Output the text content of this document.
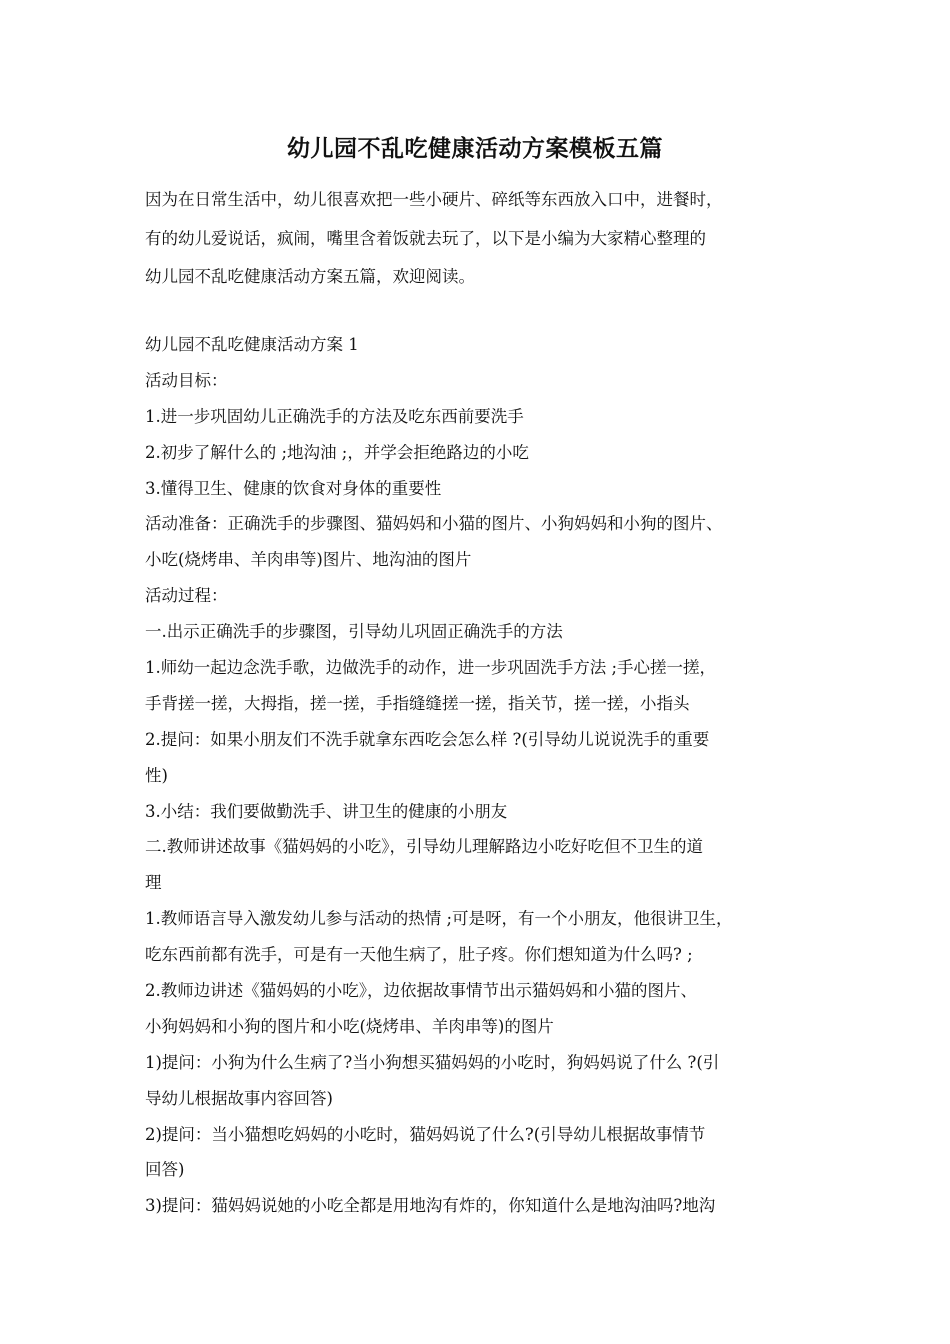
幼儿园不乱吃健康活动方案模板五篇
因为在日常生活中，幼儿很喜欢把一些小硬片、碎纸等东西放入口中，进餐时，
有的幼儿爱说话，疯闹，嘴里含着饭就去玩了，以下是小编为大家精心整理的
幼儿园不乱吃健康活动方案五篇，欢迎阅读。
幼儿园不乱吃健康活动方案 1
活动目标：
1.进一步巩固幼儿正确洗手的方法及吃东西前要洗手
2.初步了解什么的 ;地沟油 ;，并学会拒绝路边的小吃
3.懂得卫生、健康的饮食对身体的重要性
活动准备：正确洗手的步骤图、猫妈妈和小猫的图片、小狗妈妈和小狗的图片、
小吃(烧烤串、羊肉串等)图片、地沟油的图片
活动过程：
一.出示正确洗手的步骤图，引导幼儿巩固正确洗手的方法
1.师幼一起边念洗手歌，边做洗手的动作，进一步巩固洗手方法 ;手心搓一搓，
手背搓一搓，大拇指，搓一搓，手指缝缝搓一搓，指关节，搓一搓，小指头
2.提问：如果小朋友们不洗手就拿东西吃会怎么样 ?(引导幼儿说说洗手的重要
性)
3.小结：我们要做勤洗手、讲卫生的健康的小朋友
二.教师讲述故事《猫妈妈的小吃》，引导幼儿理解路边小吃好吃但不卫生的道
理
1.教师语言导入激发幼儿参与活动的热情 ;可是呀，有一个小朋友，他很讲卫生，
吃东西前都有洗手，可是有一天他生病了，肚子疼。你们想知道为什么吗? ;
2.教师边讲述《猫妈妈的小吃》，边依据故事情节出示猫妈妈和小猫的图片、
小狗妈妈和小狗的图片和小吃(烧烤串、羊肉串等)的图片
1)提问：小狗为什么生病了?当小狗想买猫妈妈的小吃时，狗妈妈说了什么 ?(引
导幼儿根据故事内容回答)
2)提问：当小猫想吃妈妈的小吃时，猫妈妈说了什么?(引导幼儿根据故事情节
回答)
3)提问：猫妈妈说她的小吃全都是用地沟有炸的，你知道什么是地沟油吗?地沟
